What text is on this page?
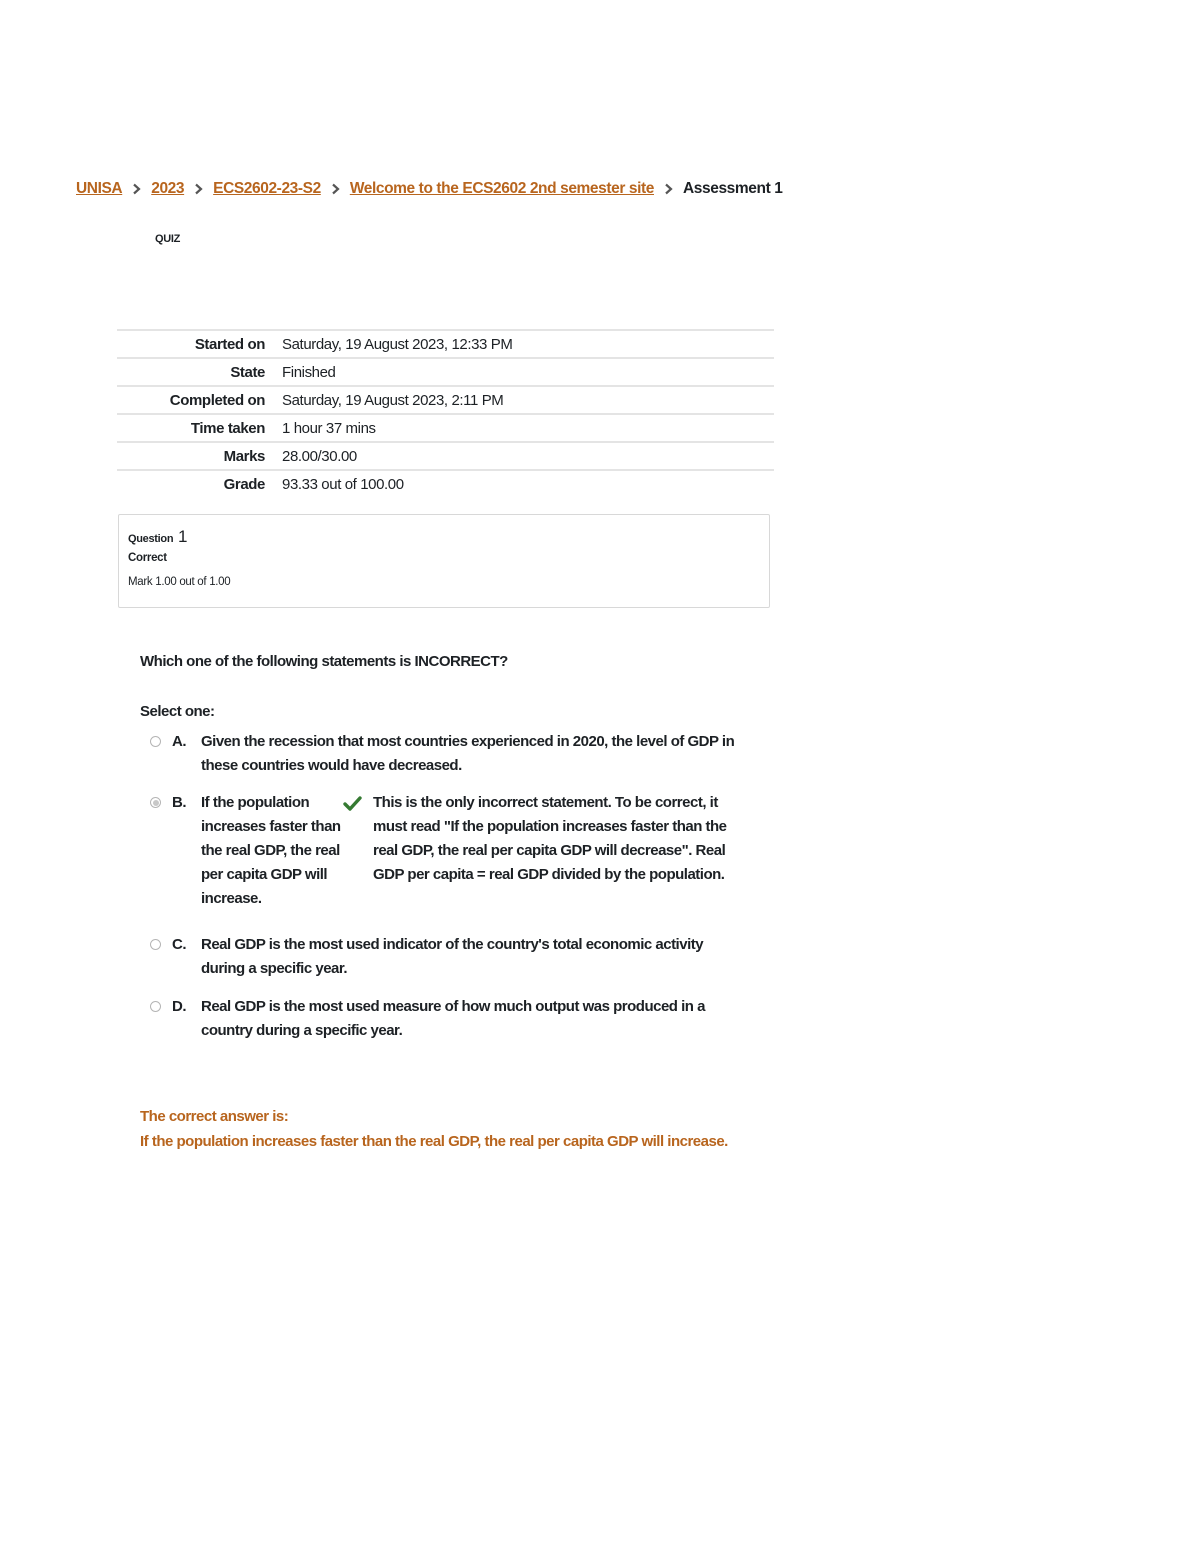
UNISA 2023 ECS2602-23-S2 Welcome to the ECS2602 2nd semester site Assessment 1
QUIZ
Started on	Saturday, 19 August 2023, 12:33 PM
State	Finished
Completed on	Saturday, 19 August 2023, 2:11 PM
Time taken	1 hour 37 mins
Marks	28.00/30.00
Grade	93.33 out of 100.00
Question 1
Correct
Mark 1.00 out of 1.00
Which one of the following statements is INCORRECT?
Select one:
A.	Given the recession that most countries experienced in 2020, the level of GDP in these countries would have decreased.
B.	If the population increases faster than the real GDP, the real per capita GDP will increase.
This is the only incorrect statement. To be correct, it must read "If the population increases faster than the real GDP, the real per capita GDP will decrease". Real GDP per capita = real GDP divided by the population.
C.	Real GDP is the most used indicator of the country's total economic activity during a specific year.
D.	Real GDP is the most used measure of how much output was produced in a country during a specific year.
The correct answer is:
If the population increases faster than the real GDP, the real per capita GDP will increase.
